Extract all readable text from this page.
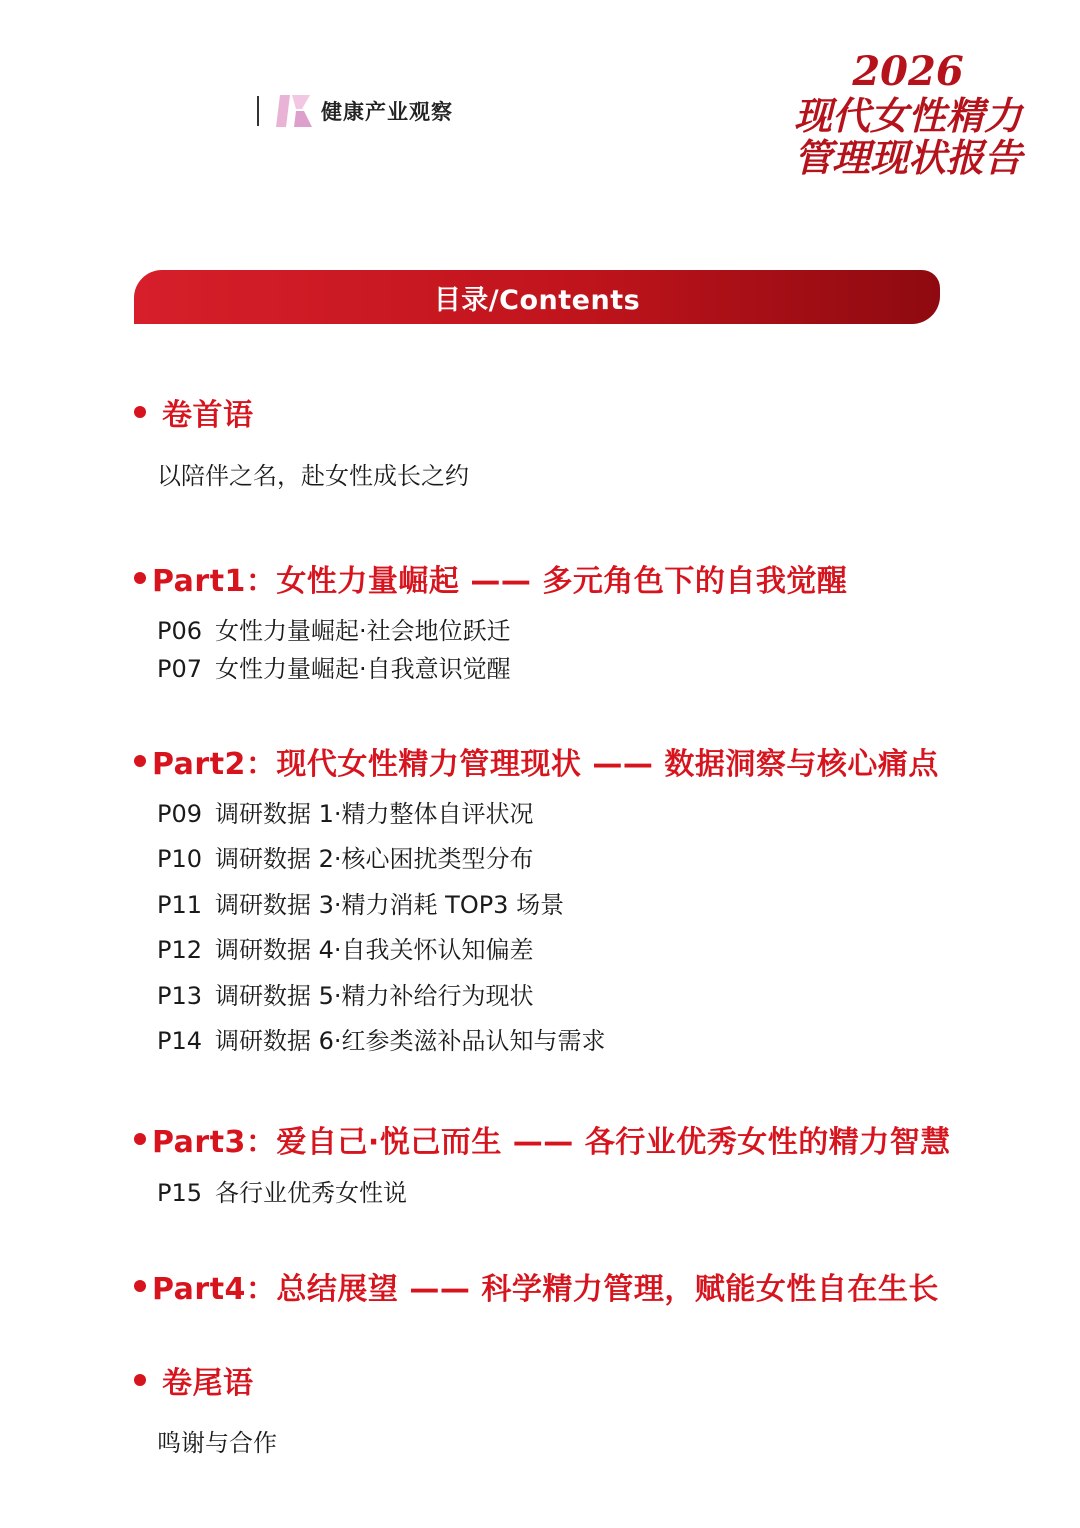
健康产业观察
2026
现代女性精力
管理现状报告
目录/Contents
卷首语
以陪伴之名，赴女性成长之约
Part1：女性力量崛起 —— 多元角色下的自我觉醒
P06 女性力量崛起·社会地位跃迁
P07 女性力量崛起·自我意识觉醒
Part2：现代女性精力管理现状 —— 数据洞察与核心痛点
P09 调研数据 1·精力整体自评状况
P10 调研数据 2·核心困扰类型分布
P11 调研数据 3·精力消耗 TOP3 场景
P12 调研数据 4·自我关怀认知偏差
P13 调研数据 5·精力补给行为现状
P14 调研数据 6·红参类滋补品认知与需求
Part3：爱自己·悦己而生 —— 各行业优秀女性的精力智慧
P15 各行业优秀女性说
Part4：总结展望 —— 科学精力管理，赋能女性自在生长
卷尾语
鸣谢与合作
